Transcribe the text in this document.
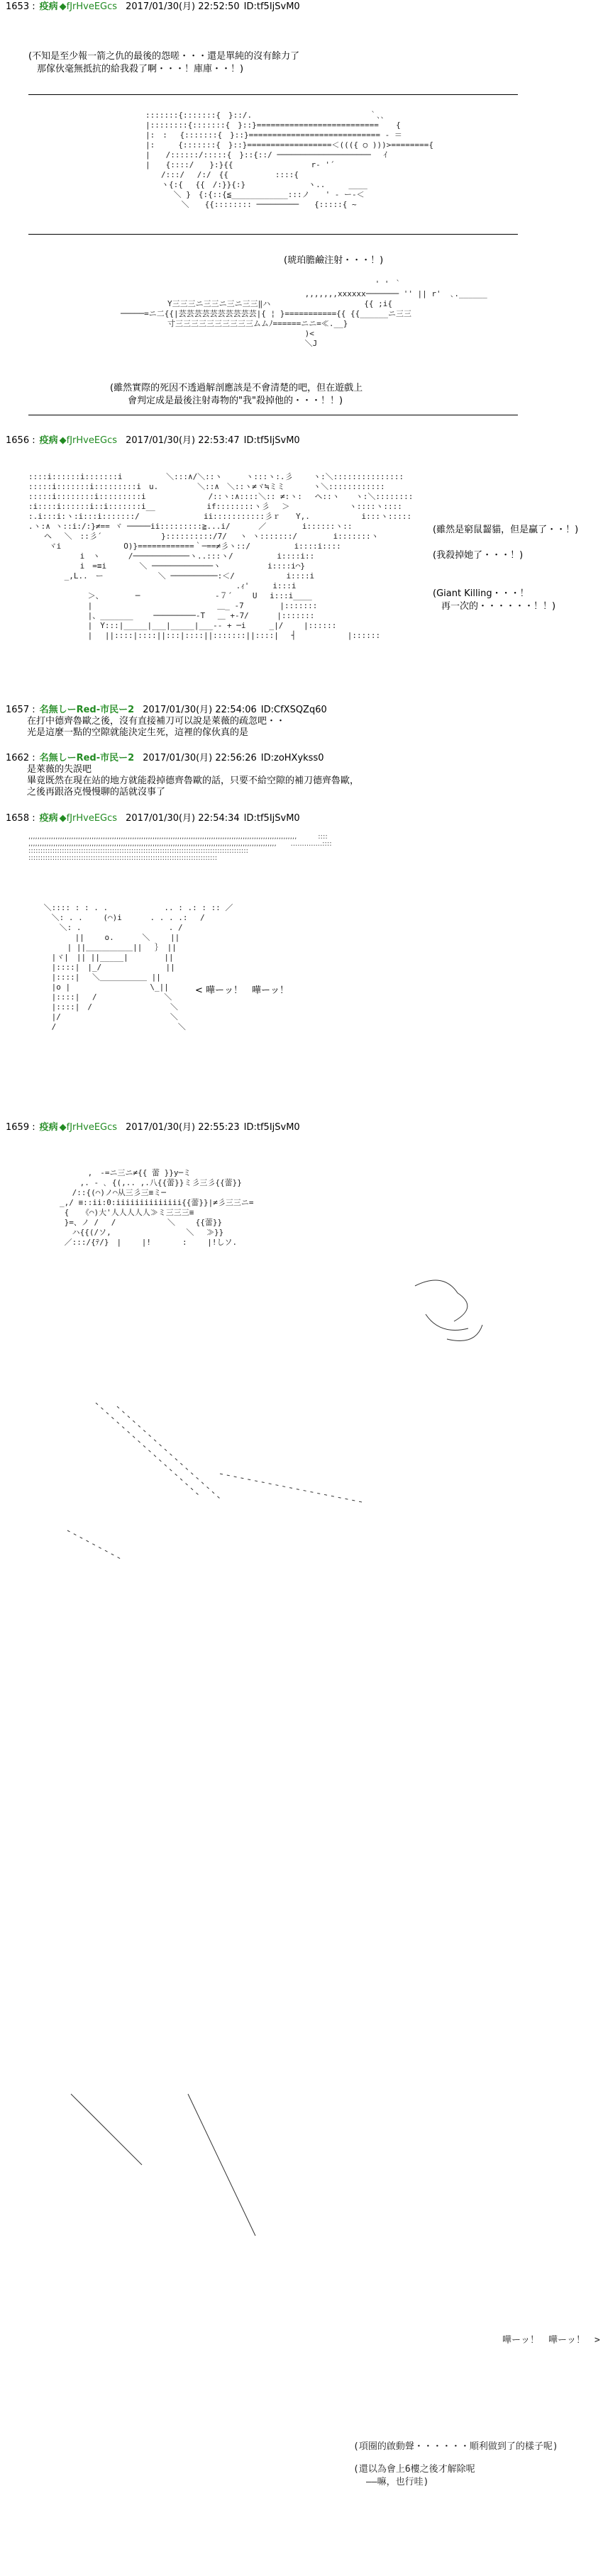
1653 : 疫病 ◆fJrHveEGcs 2017/01/30(月) 22:52:50 ID:tf5IjSvM0
(不知是至少報一箭之仇的最後的怨嗟・・・還是單純的沒有餘力了
那傢伙毫無抵抗的給我殺了啊・・・！庫庫・・！)
(琥珀膽鹼注射・・・！)
(雖然實際的死因不透過解剖應該是不會清楚的吧，但在遊戲上
會判定成是最後注射毒物的"我"殺掉他的・・・！！)

:::::::{:::::::{　}::/.　　　　　　　　　　　　　　　｀､､
|::::::::{:::::::{　}::}========================== 　 {
|:　: 　{:::::::{　}::}============================ ‐ ＝
|:　　　{:::::::{　}::}==================＜((({ ○ )))>========{
|　　/::::::/:::::{　}::{::/ ──────────────────── 　ｲ
|　　{::::/　　}:}{{　　　　　　　　　　r‐ '´
　　/:::/ 　/:/　{{　　　　　　::::{
　　ヽ{:{ 　{{　/:}}{:}　　　　　　　　ヽ..　　　____
　　　 ＼ }　{:{::{≦____________:::ノ　　' ‐ ー-＜
　　　　 ＼　　{{:::::::: ─────────　　{:::::{ ~

　　　　　　　　　　　　　　　　　　　　　　　　　　　　　　　　 ' ' ｀
　　　　　　　　　　　　　　　　　　　　　　　 ,,,,,,,xxxxxx─────── '' || r'  ､.______
　　　　　　Y三三三ニ三三ニ三ニ三三‖ハ　　　　　　　　　　　　{{ ;i{
─────=ニ二{{|芸芸芸芸芸芸芸芸芸芸|{ ¦ }==========={{ {{______ニ三三
　　　　　　寸三三三三三三三三三三ムムﾉ======ニニ=≪.__}
　　　　　　　　　　　　　　　　　　　　　　　 )<
　　　　　　　　　　　　　　　　　　　　　　　 ＼J
1656 : 疫病 ◆fJrHveEGcs 2017/01/30(月) 22:53:47 ID:tf5IjSvM0

::::i::::::i:::::::i　　　　　 ＼:::∧/＼::ヽ　　　ヽ:::ヽ:.彡　　 ヽ:＼:::::::::::::::
:::::i:::::::i:::::::::i　u.　　　　　＼::∧　＼::ヽ≠ヾ≒ミミ　　　 ヽ＼::::::::::::
:::::i::::::::i:::::::::i　　　　　　　　/::ヽ:∧::::＼:: ≠:ヽ:　 ヘ::ヽ　　ヽ:＼::::::::
:i::::i::::::i::i:::::::i__　　　　　 　if::::::::ヽ彡　 ＞　　　　　　　 ヽ::::ヽ::::
:.i:::i:ヽ:i:::i:::::::/ 　　　　　　　 ii:::::::::::彡ｒ　　Y,.　　　　　　 i:::ヽ:::::
.ヽ:∧ ヽ::i:/:}≠== ヾ ─────ii:::::::::≧...i/　　　 ／　　　　 i::::::ヽ::
　　ヘ　 ＼　::彡´　　　　　　　 }::::::::::/7/　 ヽ ヽ:::::::/　　　　 i:::::::ヽ
　　 ヾi　　　　　　　　O)}============｀─==≠彡ヽ::/　　　　　 i::::i::::
　　　　　　 i　ヽ　　　 /────────────ヽ..:::ヽ/　　　　　 i::::i::
　　　　　　 i　=≡i 　　　 ＼ ─────────────ヽ　　　　　　i::::i⌒}
　　　　 _,L..　ー　　　　　　　＼ ──────────:＜/　　　　　　 i::::i
　　　　　　　　　　　　　　　　　　　　　　　　　　 .ｨ'　　　i:::i
　　　　　　　 ＞、　　　　 ─　　　　　　　　　 -７´　　 U　 i:::i____
　　　　　　　 |　　　　　　　　　　　　　　　　＿_ -7　　　　 |:::::::
　　　　　　　 |、_______　　 ─────────-T　 ＿ +-7/　　　 |:::::::
　　　　　　　 |　Y:::|_____|___|_____|___-- + ─i　　　_|/　　 |::::::
　　　　　　　 |　 ||::::|::::||:::|::::||:::::::||::::|　 ┤　　　　　　 |::::::
(雖然是窮鼠齧貓，但是贏了・・！)
(我殺掉她了・・・！)
(Giant Killing・・・！
再一次的・・・・・・！！)
1657 : 名無しーRed-市民ー2 2017/01/30(月) 22:54:06 ID:CfXSQZq60
在打中德齊魯歐之後，沒有直接補刀可以說是萊薇的疏忽吧・・
光是這麼一點的空隙就能決定生死，這裡的傢伙真的是
1662 : 名無しーRed-市民ー2 2017/01/30(月) 22:56:26 ID:zoHXykss0
是萊薇的失誤吧
畢竟既然在現在站的地方就能殺掉德齊魯歐的話，只要不給空隙的補刀德齊魯歐，
之後再跟洛克慢慢聊的話就沒事了
1658 : 疫病 ◆fJrHveEGcs 2017/01/30(月) 22:54:34 ID:tf5IjSvM0
,,,,,,,,,,,,,,,,,,,,,,,,,,,,,,,,,,,,,,,,,,,,,,,,,,,,,,,,,,,,,,,,,,,,,,,,,,,,,,,,,,,,,,,,,,,,,,,,,,,,,,,,,,,,,,,,,,,,,,,　　　::::
,,,,,,,,,,,,,,,,,,,,,,,,,,,,,,,,,,,,,,,,,,,,,,,,,,,,,,,,,,,,,,,,,,,,,,,,,,,,,,,,,,,,,,,,,,,,,,,,,,,,,,,,,,,,,,　　..............::::
::::::::::::::::::::::::::::::::::::::::::::::::::::::::::::::::::::::::::::::::::::::::::::
:::::::::::::::::::::::::::::::::::::::::::::::::::::::::::::::::::::::::::::::

＼:::: : : . . 　　　　　　 .. : .: : :: ／
　 ＼: . .　　 (⌒)i　　　 . . . .:　 /
　　 ＼: . 　　　　　　　　　　 . /
　　　　 ||　　 o.　　　 ＼　　 ||
　　　 | ||＿＿＿＿＿＿||　 ｝ ||
　 |ヾ|　|| ||_____|　　　　 ||
　 |::::|　|_/　　　　　 　　 ||
　 |::::|　 ＼＿＿＿＿＿＿ ||
　 |o | 　　　　　　　　　 \_||
　 |::::|　 /　　　　　　　　 ＼
　 |::::|　/　　　　　　　　　　＼
　 |/　　　　　　　　　　　　　　＼
　 /　　　　　　　　　　　　　　　 ＼
< 嘩ーッ！　嘩ーッ！
1659 : 疫病 ◆fJrHveEGcs 2017/01/30(月) 22:55:23 ID:tf5IjSvM0

　　　　　　　 ,　-=ニ三ニ≠{{ 蕾 }}y─ミ
　　　　　　 ,. - ､ {(,.. ,.八{{蕾}}ミ彡三彡{{蕾}}
　　　　　 /::{(⌒)ノ⌒从三彡三≡ミ─
　　　　_,/ ≡::ii:0:iiiiiiiiiiiiii{{蕾}}|≠彡三三ニ=
　　　　 {　 《⌒)大'人人人人人≫ミ三三三≡
　　　　 }=、ノ /　 /　　　　　　 ＼　　 {{蕾}}
　　　　　 ハ{{(/ソ,　 　　　　　　　　＼　 ≫}}
　　　　 ／:::/{ﾃ/}　|　　 |!　　　　:　　 |!しソ.

嘩ーッ！　嘩ーッ！　>

(項圈的啟動聲・・・・・・順利做到了的樣子呢)

(還以為會上6樓之後才解除呢

——嘛，也行哇)
